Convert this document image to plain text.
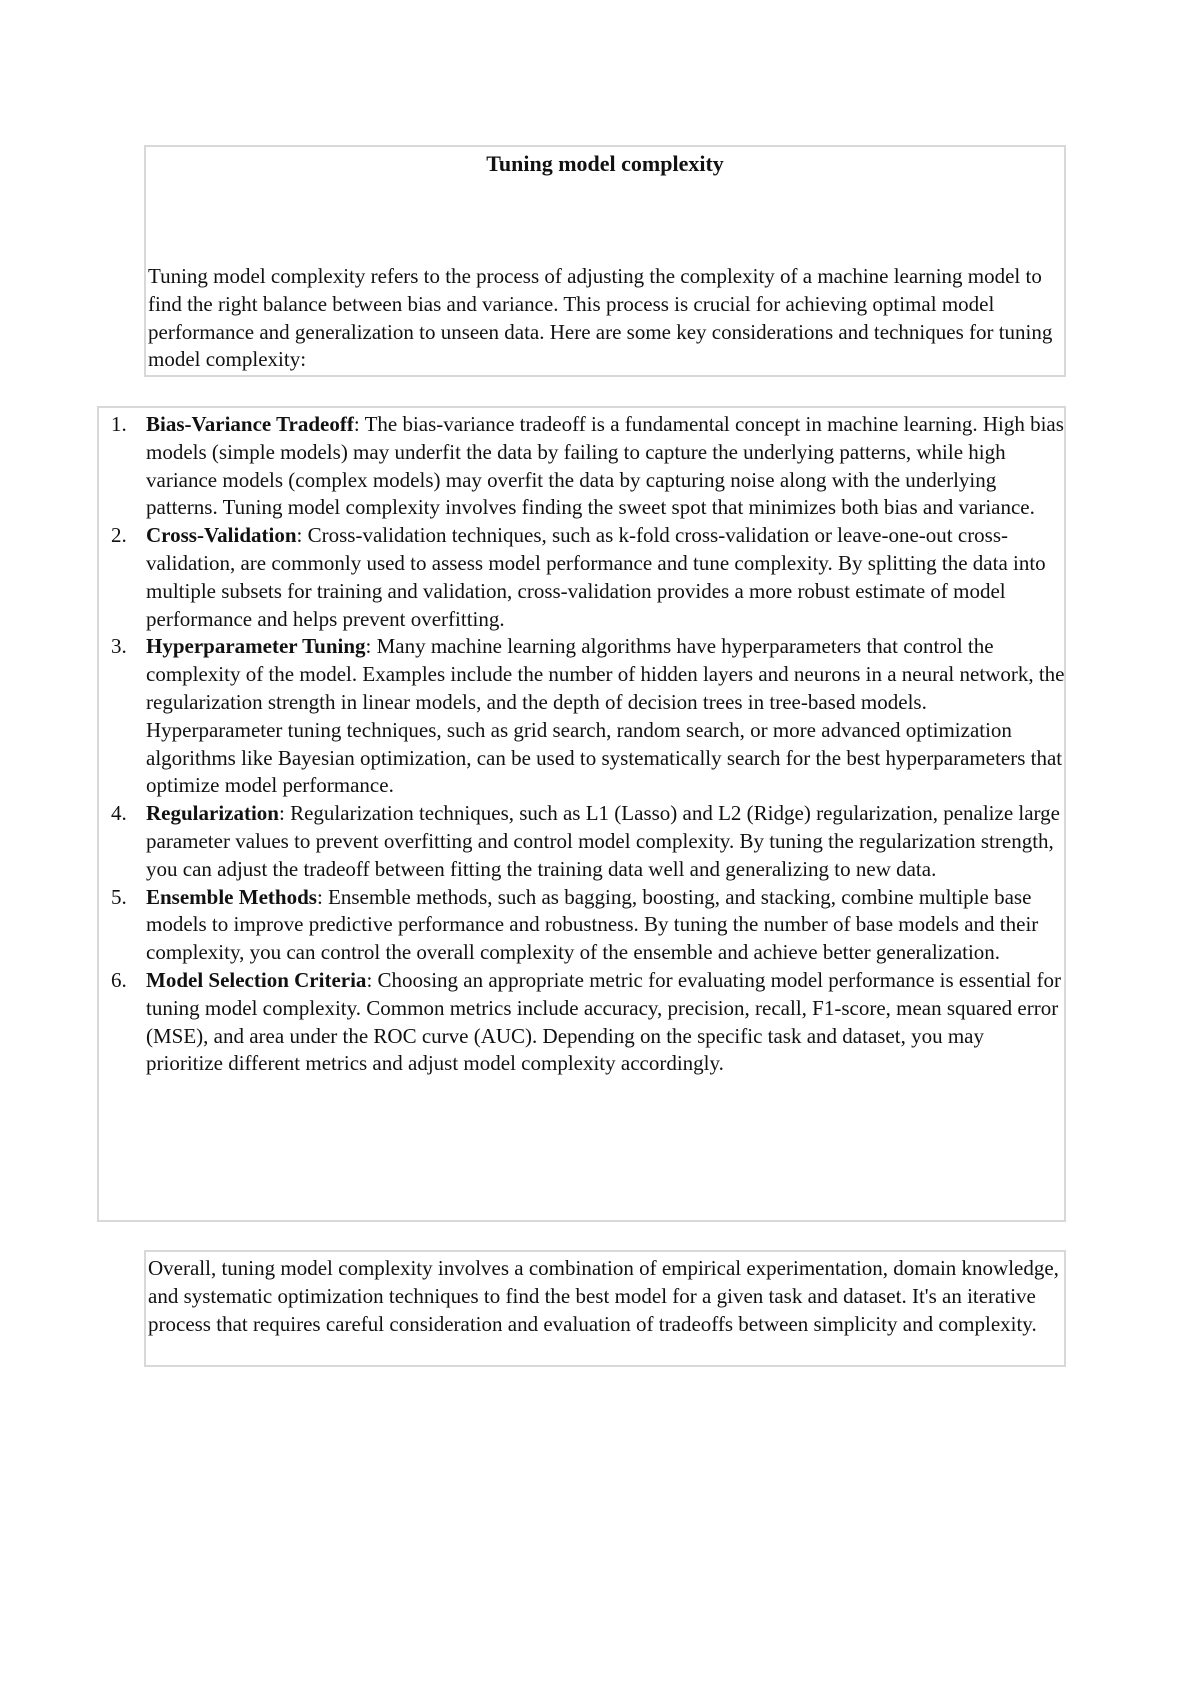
Tuning model complexity

Tuning model complexity refers to the process of adjusting the complexity of a machine learning model to find the right balance between bias and variance. This process is crucial for achieving optimal model performance and generalization to unseen data. Here are some key considerations and techniques for tuning model complexity:

1. Bias-Variance Tradeoff: The bias-variance tradeoff is a fundamental concept in machine learning. High bias models (simple models) may underfit the data by failing to capture the underlying patterns, while high variance models (complex models) may overfit the data by capturing noise along with the underlying patterns. Tuning model complexity involves finding the sweet spot that minimizes both bias and variance.
2. Cross-Validation: Cross-validation techniques, such as k-fold cross-validation or leave-one-out cross-validation, are commonly used to assess model performance and tune complexity. By splitting the data into multiple subsets for training and validation, cross-validation provides a more robust estimate of model performance and helps prevent overfitting.
3. Hyperparameter Tuning: Many machine learning algorithms have hyperparameters that control the complexity of the model. Examples include the number of hidden layers and neurons in a neural network, the regularization strength in linear models, and the depth of decision trees in tree-based models. Hyperparameter tuning techniques, such as grid search, random search, or more advanced optimization algorithms like Bayesian optimization, can be used to systematically search for the best hyperparameters that optimize model performance.
4. Regularization: Regularization techniques, such as L1 (Lasso) and L2 (Ridge) regularization, penalize large parameter values to prevent overfitting and control model complexity. By tuning the regularization strength, you can adjust the tradeoff between fitting the training data well and generalizing to new data.
5. Ensemble Methods: Ensemble methods, such as bagging, boosting, and stacking, combine multiple base models to improve predictive performance and robustness. By tuning the number of base models and their complexity, you can control the overall complexity of the ensemble and achieve better generalization.
6. Model Selection Criteria: Choosing an appropriate metric for evaluating model performance is essential for tuning model complexity. Common metrics include accuracy, precision, recall, F1-score, mean squared error (MSE), and area under the ROC curve (AUC). Depending on the specific task and dataset, you may prioritize different metrics and adjust model complexity accordingly.

Overall, tuning model complexity involves a combination of empirical experimentation, domain knowledge, and systematic optimization techniques to find the best model for a given task and dataset. It's an iterative process that requires careful consideration and evaluation of tradeoffs between simplicity and complexity.
